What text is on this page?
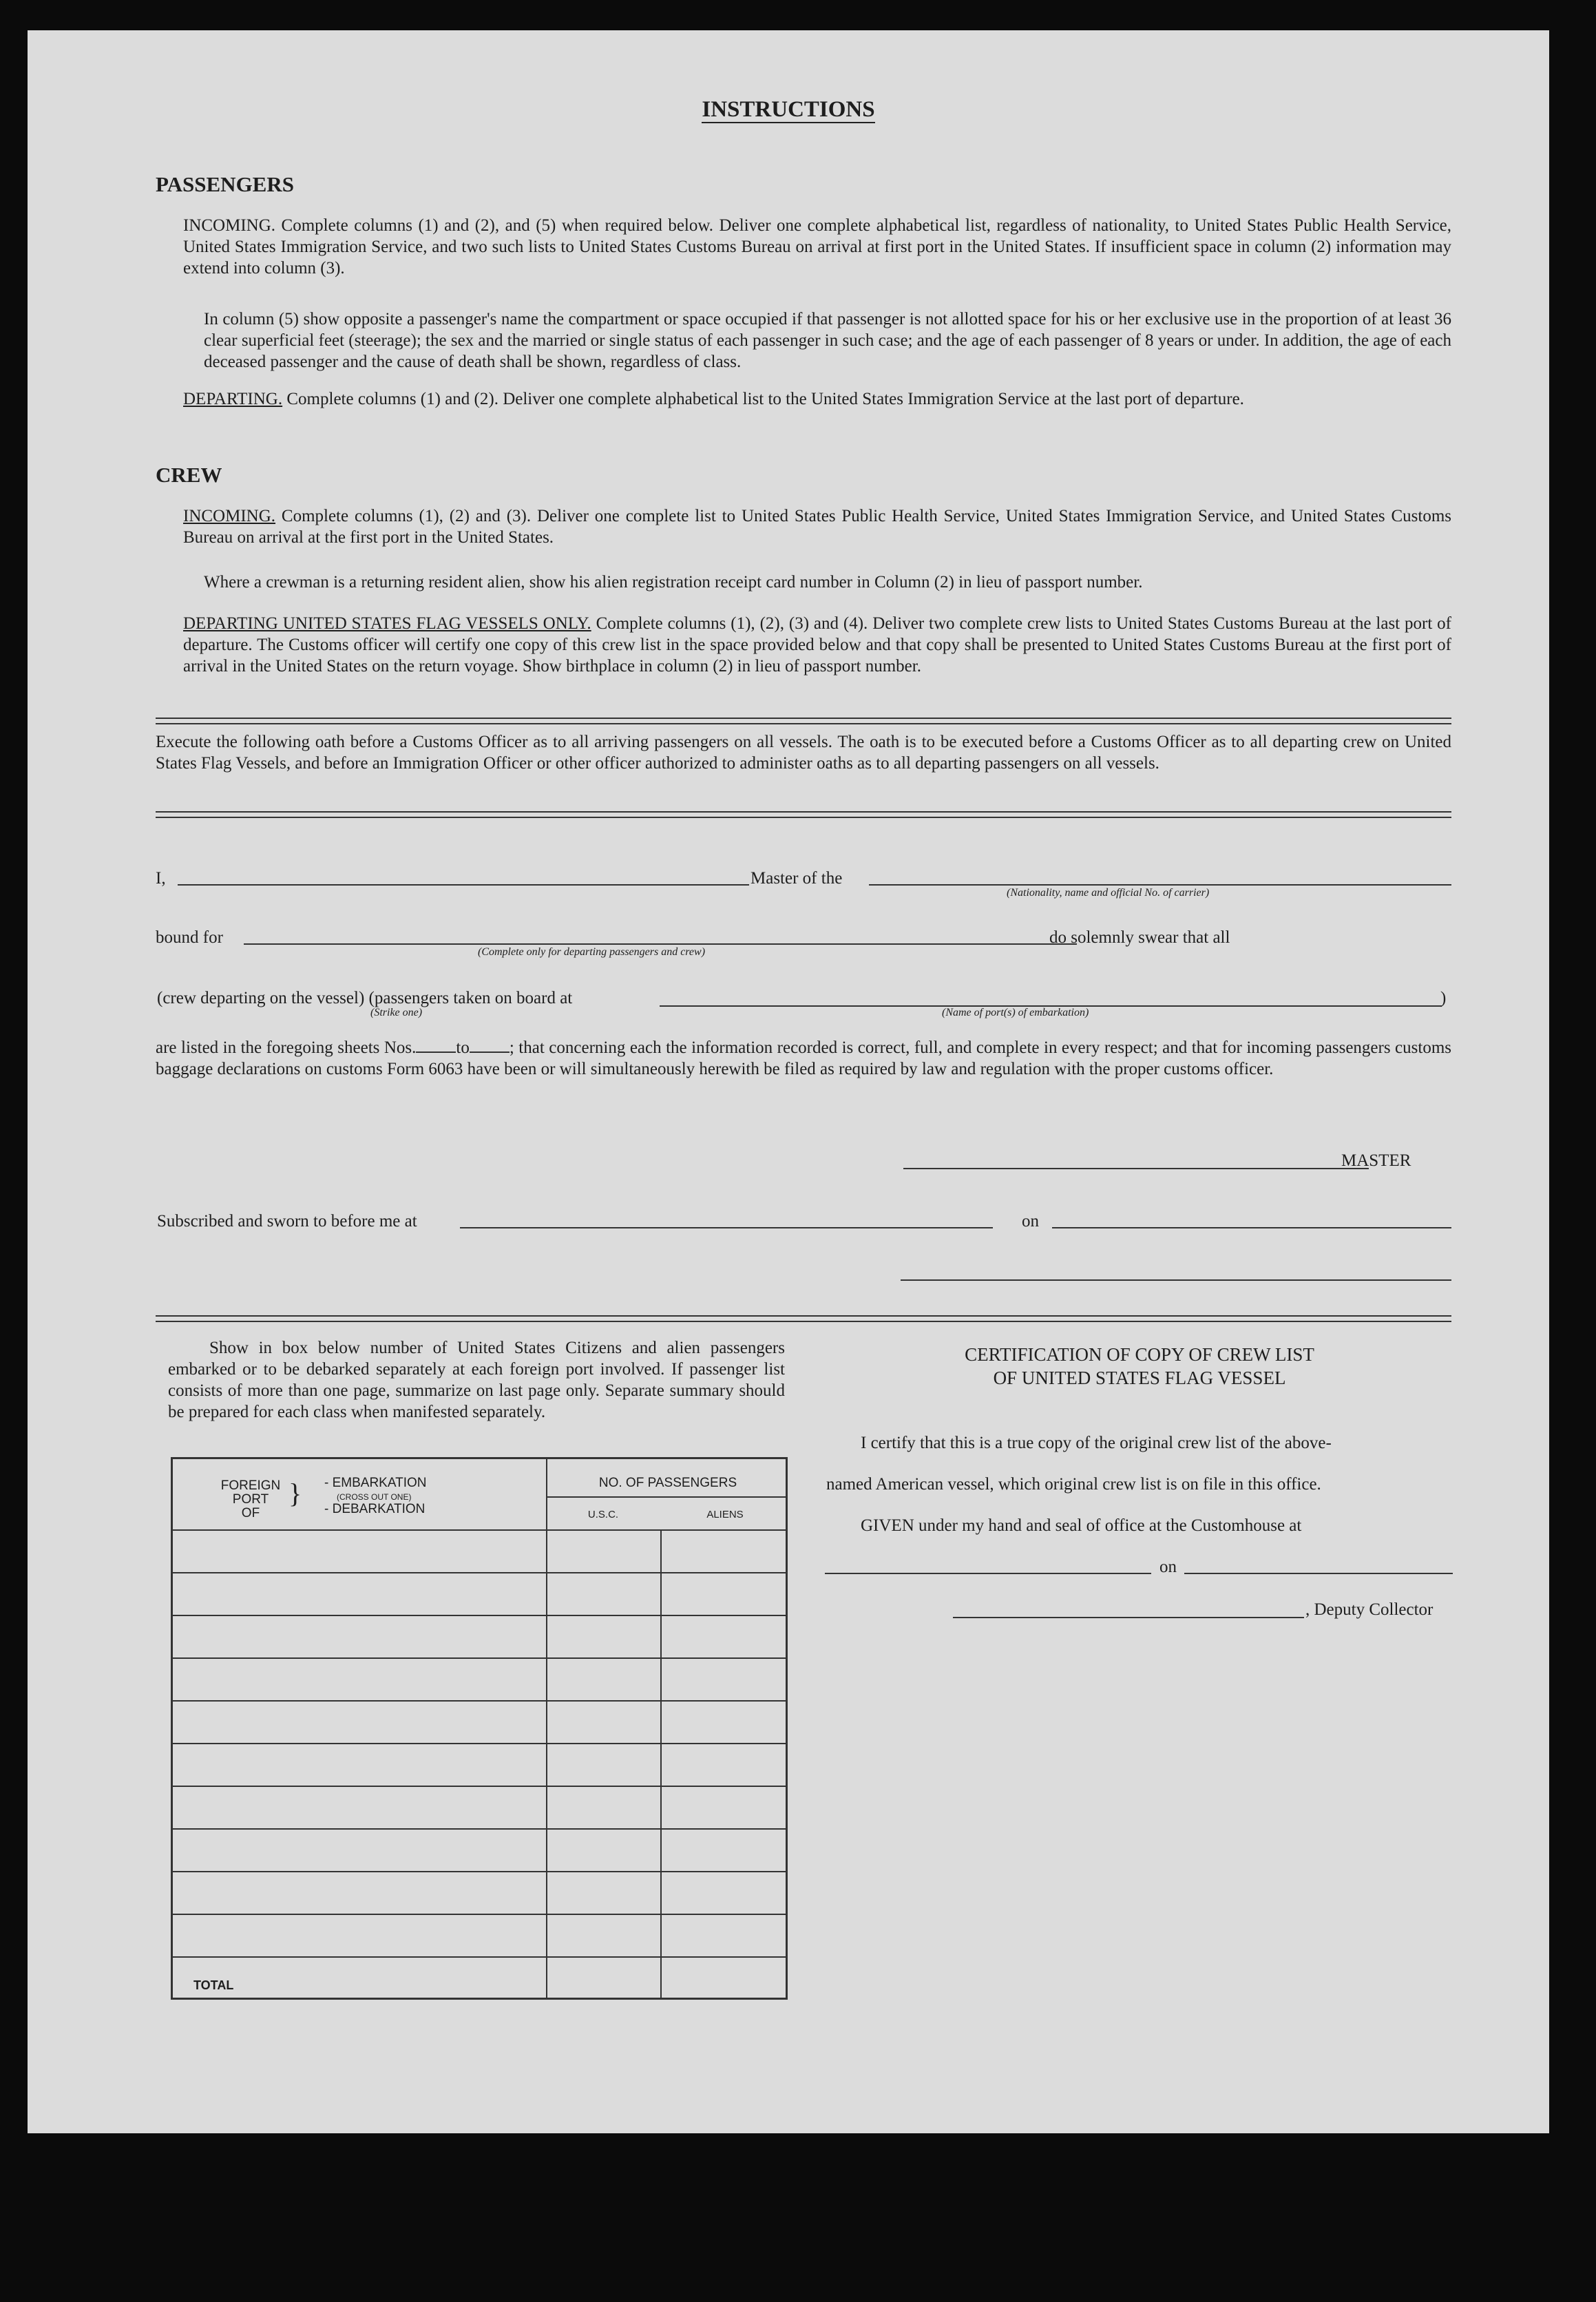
INSTRUCTIONS
PASSENGERS

INCOMING. Complete columns (1) and (2), and (5) when required below. Deliver one complete alphabetical list, regardless of nationality, to United States Public Health Service, United States Immigration Service, and two such lists to United States Customs Bureau on arrival at first port in the United States. If insufficient space in column (2) information may extend into column (3).

In column (5) show opposite a passenger's name the compartment or space occupied if that passenger is not allotted space for his or her exclusive use in the proportion of at least 36 clear superficial feet (steerage); the sex and the married or single status of each passenger in such case; and the age of each passenger of 8 years or under. In addition, the age of each deceased passenger and the cause of death shall be shown, regardless of class.

DEPARTING. Complete columns (1) and (2). Deliver one complete alphabetical list to the United States Immigration Service at the last port of departure.

CREW

INCOMING. Complete columns (1), (2) and (3). Deliver one complete list to United States Public Health Service, United States Immigration Service, and United States Customs Bureau on arrival at the first port in the United States.

Where a crewman is a returning resident alien, show his alien registration receipt card number in Column (2) in lieu of passport number.

DEPARTING UNITED STATES FLAG VESSELS ONLY. Complete columns (1), (2), (3) and (4). Deliver two complete crew lists to United States Customs Bureau at the last port of departure. The Customs officer will certify one copy of this crew list in the space provided below and that copy shall be presented to United States Customs Bureau at the first port of arrival in the United States on the return voyage. Show birthplace in column (2) in lieu of passport number.

Execute the following oath before a Customs Officer as to all arriving passengers on all vessels. The oath is to be executed before a Customs Officer as to all departing crew on United States Flag Vessels, and before an Immigration Officer or other officer authorized to administer oaths as to all departing passengers on all vessels.
I,	Master of the
(Nationality, name and official No. of carrier)
bound for
(Complete only for departing passengers and crew)
do solemnly swear that all
(crew departing on the vessel) (passengers taken on board at
(Strike one)	(Name of port(s) of embarkation)
)

are listed in the foregoing sheets Nos. to ; that concerning each the information recorded is correct, full, and complete in every respect; and that for incoming passengers customs baggage declarations on customs Form 6063 have been or will simultaneously herewith be filed as required by law and regulation with the proper customs officer.

MASTER
Subscribed and sworn to before me at	on
Show in box below number of United States Citizens and alien passengers embarked or to be debarked separately at each foreign port involved. If passenger list consists of more than one page, summarize on last page only. Separate summary should be prepared for each class when manifested separately.
FOREIGN
PORT
OF
} - EMBARKATION
(CROSS OUT ONE)
- DEBARKATION
NO. OF PASSENGERS
U.S.C.	ALIENS
TOTAL
CERTIFICATION OF COPY OF CREW LIST
OF UNITED STATES FLAG VESSEL
I certify that this is a true copy of the original crew list of the above-
named American vessel, which original crew list is on file in this office.
GIVEN under my hand and seal of office at the Customhouse at
on
, Deputy Collector
